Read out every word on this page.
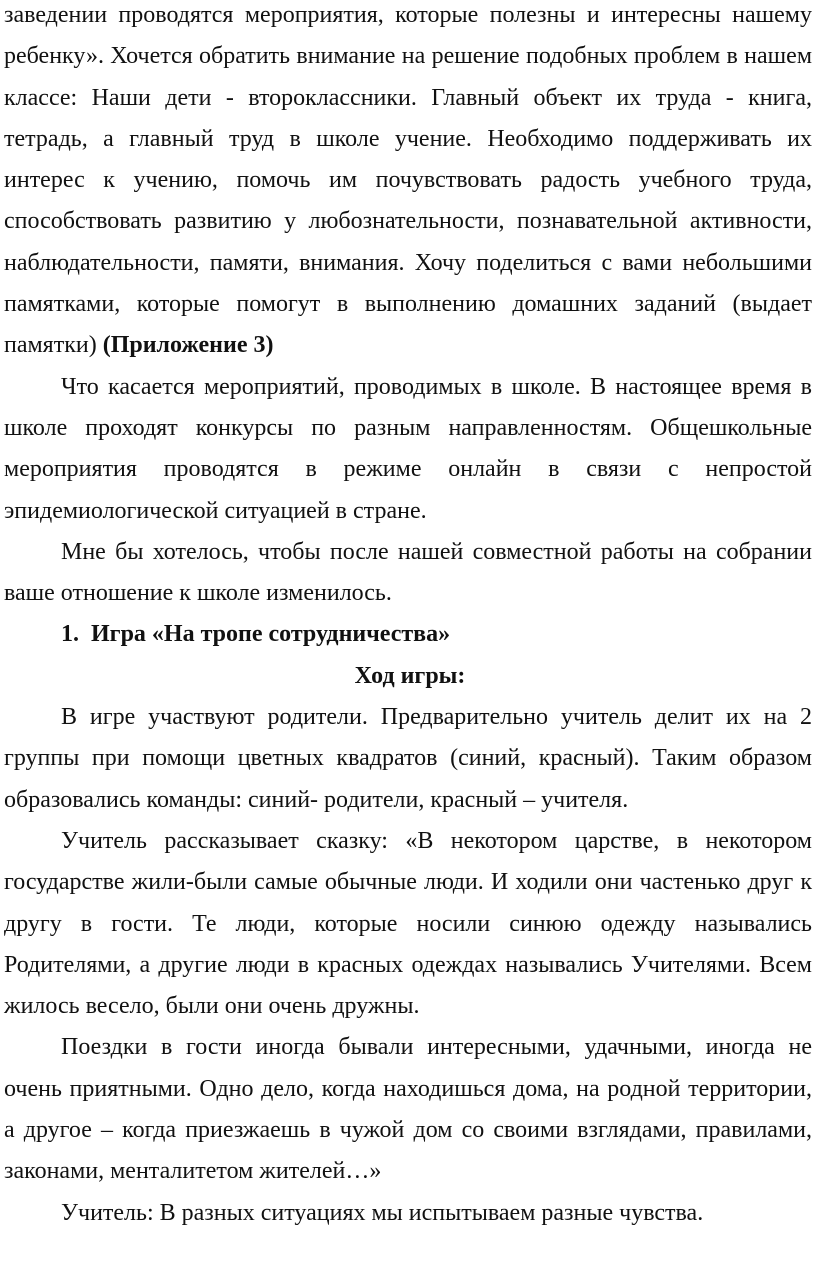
заведении проводятся мероприятия, которые полезны и интересны нашему ребенку». Хочется обратить внимание на решение подобных проблем в нашем классе: Наши дети - второклассники. Главный объект их труда - книга, тетрадь, а главный труд в школе учение. Необходимо поддерживать их интерес к учению, помочь им почувствовать радость учебного труда, способствовать развитию у любознательности, познавательной активности, наблюдательности, памяти, внимания. Хочу поделиться с вами небольшими памятками, которые помогут в выполнению домашних заданий (выдает памятки) (Приложение 3)

Что касается мероприятий, проводимых в школе. В настоящее время в школе проходят конкурсы по разным направленностям. Общешкольные мероприятия проводятся в режиме онлайн в связи с непростой эпидемиологической ситуацией в стране.

Мне бы хотелось, чтобы после нашей совместной работы на собрании ваше отношение к школе изменилось.

1. Игра «На тропе сотрудничества»

Ход игры:

В игре участвуют родители. Предварительно учитель делит их на 2 группы при помощи цветных квадратов (синий, красный). Таким образом образовались команды: синий- родители, красный – учителя.

Учитель рассказывает сказку: «В некотором царстве, в некотором государстве жили-были самые обычные люди. И ходили они частенько друг к другу в гости. Те люди, которые носили синюю одежду назывались Родителями, а другие люди в красных одеждах назывались Учителями. Всем жилось весело, были они очень дружны.

Поездки в гости иногда бывали интересными, удачными, иногда не очень приятными. Одно дело, когда находишься дома, на родной территории, а другое – когда приезжаешь в чужой дом со своими взглядами, правилами, законами, менталитетом жителей…»

Учитель: В разных ситуациях мы испытываем разные чувства.
